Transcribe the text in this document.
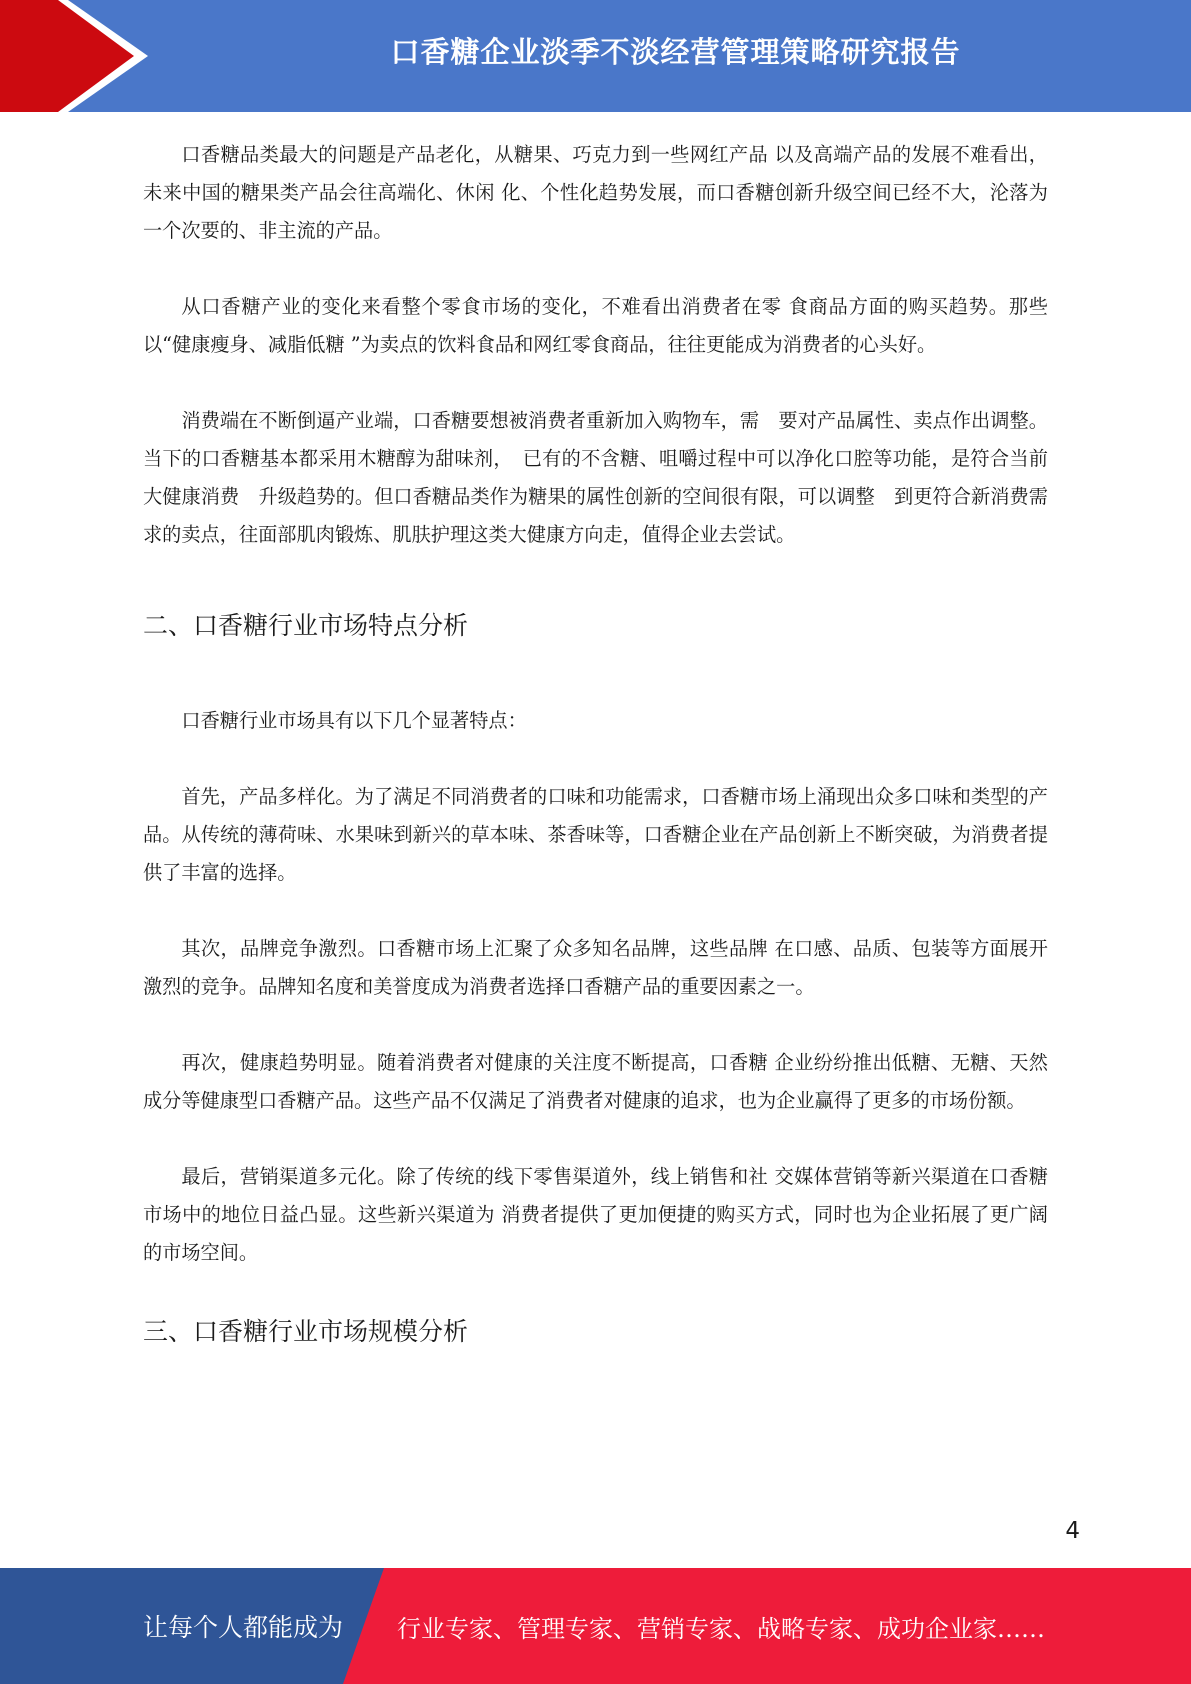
口香糖企业淡季不淡经营管理策略研究报告

口香糖品类最大的问题是产品老化，从糖果、巧克力到一些网红产品 以及高端产品的发展不难看出，未来中国的糖果类产品会往高端化、休闲 化、个性化趋势发展，而口香糖创新升级空间已经不大，沦落为一个次要的、非主流的产品。

从口香糖产业的变化来看整个零食市场的变化，不难看出消费者在零 食商品方面的购买趋势。那些以“健康瘦身、减脂低糖 ”为卖点的饮料食品和网红零食商品，往往更能成为消费者的心头好。

消费端在不断倒逼产业端，口香糖要想被消费者重新加入购物车，需　要对产品属性、卖点作出调整。当下的口香糖基本都采用木糖醇为甜味剂，　已有的不含糖、咀嚼过程中可以净化口腔等功能，是符合当前大健康消费　升级趋势的。但口香糖品类作为糖果的属性创新的空间很有限，可以调整　到更符合新消费需求的卖点，往面部肌肉锻炼、肌肤护理这类大健康方向走，值得企业去尝试。

二、口香糖行业市场特点分析

口香糖行业市场具有以下几个显著特点：

首先，产品多样化。为了满足不同消费者的口味和功能需求，口香糖市场上涌现出众多口味和类型的产品。从传统的薄荷味、水果味到新兴的草本味、茶香味等，口香糖企业在产品创新上不断突破，为消费者提供了丰富的选择。

其次，品牌竞争激烈。口香糖市场上汇聚了众多知名品牌，这些品牌 在口感、品质、包装等方面展开激烈的竞争。品牌知名度和美誉度成为消费者选择口香糖产品的重要因素之一。

再次，健康趋势明显。随着消费者对健康的关注度不断提高，口香糖 企业纷纷推出低糖、无糖、天然成分等健康型口香糖产品。这些产品不仅满足了消费者对健康的追求，也为企业赢得了更多的市场份额。

最后，营销渠道多元化。除了传统的线下零售渠道外，线上销售和社 交媒体营销等新兴渠道在口香糖市场中的地位日益凸显。这些新兴渠道为 消费者提供了更加便捷的购买方式，同时也为企业拓展了更广阔的市场空间。

三、口香糖行业市场规模分析
4
让每个人都能成为 行业专家、管理专家、营销专家、战略专家、成功企业家……
